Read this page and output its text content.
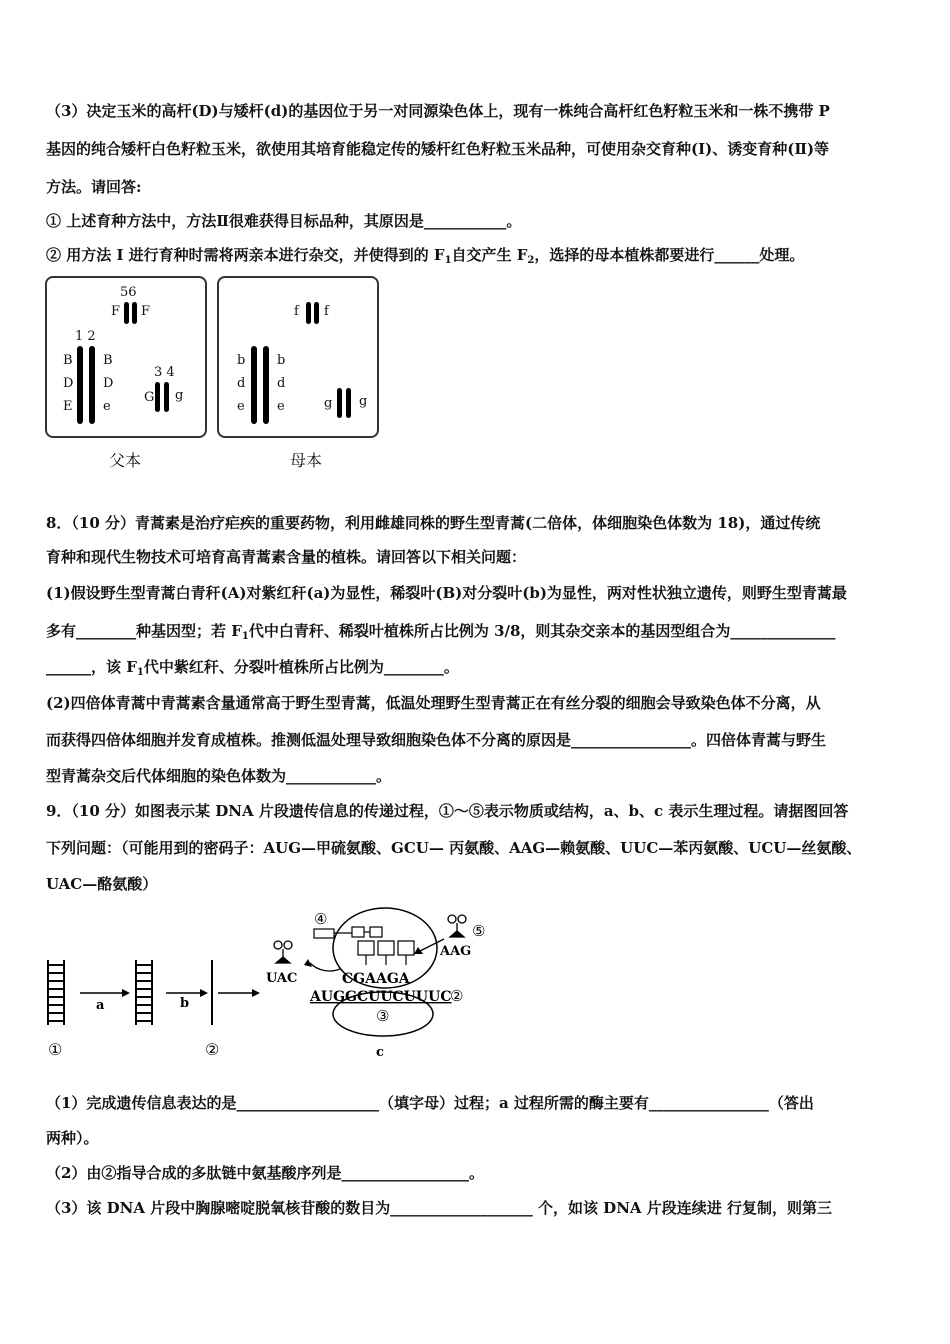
（3）决定玉米的高杆(D)与矮杆(d)的基因位于另一对同源染色体上，现有一株纯合高杆红色籽粒玉米和一株不携带 P
基因的纯合矮杆白色籽粒玉米，欲使用其培育能稳定传的矮杆红色籽粒玉米品种，可使用杂交育种(I)、诱变育种(Ⅱ)等
方法。请回答:
① 上述育种方法中，方法Ⅱ很难获得目标品种，其原因是___________。
② 用方法 I 进行育种时需将两亲本进行杂交，并使得到的 $F_1$自交产生 $F_2$，选择的母本植株都要进行______处理。
56
F F
1 2
B
D
E
B
D
e
3 4
G g
父本
f f
b
d
e
b
d
e	g g
母本
8．（10 分）青蒿素是治疗疟疾的重要药物，利用雌雄同株的野生型青蒿(二倍体，体细胞染色体数为 18)，通过传统
育种和现代生物技术可培育高青蒿素含量的植株。请回答以下相关问题：
(1)假设野生型青蒿白青秆(A)对紫红秆(a)为显性，稀裂叶(B)对分裂叶(b)为显性，两对性状独立遗传，则野生型青蒿最
多有________种基因型；若 $F_1$代中白青秆、稀裂叶植株所占比例为 3/8，则其杂交亲本的基因型组合为______________
______，该 $F_1$代中紫红秆、分裂叶植株所占比例为________。
(2)四倍体青蒿中青蒿素含量通常高于野生型青蒿，低温处理野生型青蒿正在有丝分裂的细胞会导致染色体不分离，从
而获得四倍体细胞并发育成植株。推测低温处理导致细胞染色体不分离的原因是________________。四倍体青蒿与野生
型青蒿杂交后代体细胞的染色体数为____________。
9．（10 分）如图表示某 DNA 片段遗传信息的传递过程，①～⑤表示物质或结构，a、b、c 表示生理过程。请据图回答
下列问题：（可能用到的密码子：AUG—甲硫氨酸、GCU— 丙氨酸、AAG—赖氨酸、UUC—苯丙氨酸、UCU—丝氨酸、
UAC—酪氨酸）
①
a	b
②
③
c
④
CGAAGA
AUGGCUUCUUUC
②
UAC
⑤
AAG
（1）完成遗传信息表达的是___________________（填字母）过程；a 过程所需的酶主要有________________（答出
两种）。
（2）由②指导合成的多肽链中氨基酸序列是_________________。
（3）该 DNA 片段中胸腺嘧啶脱氧核苷酸的数目为___________________ 个，如该 DNA 片段连续进 行复制，则第三
